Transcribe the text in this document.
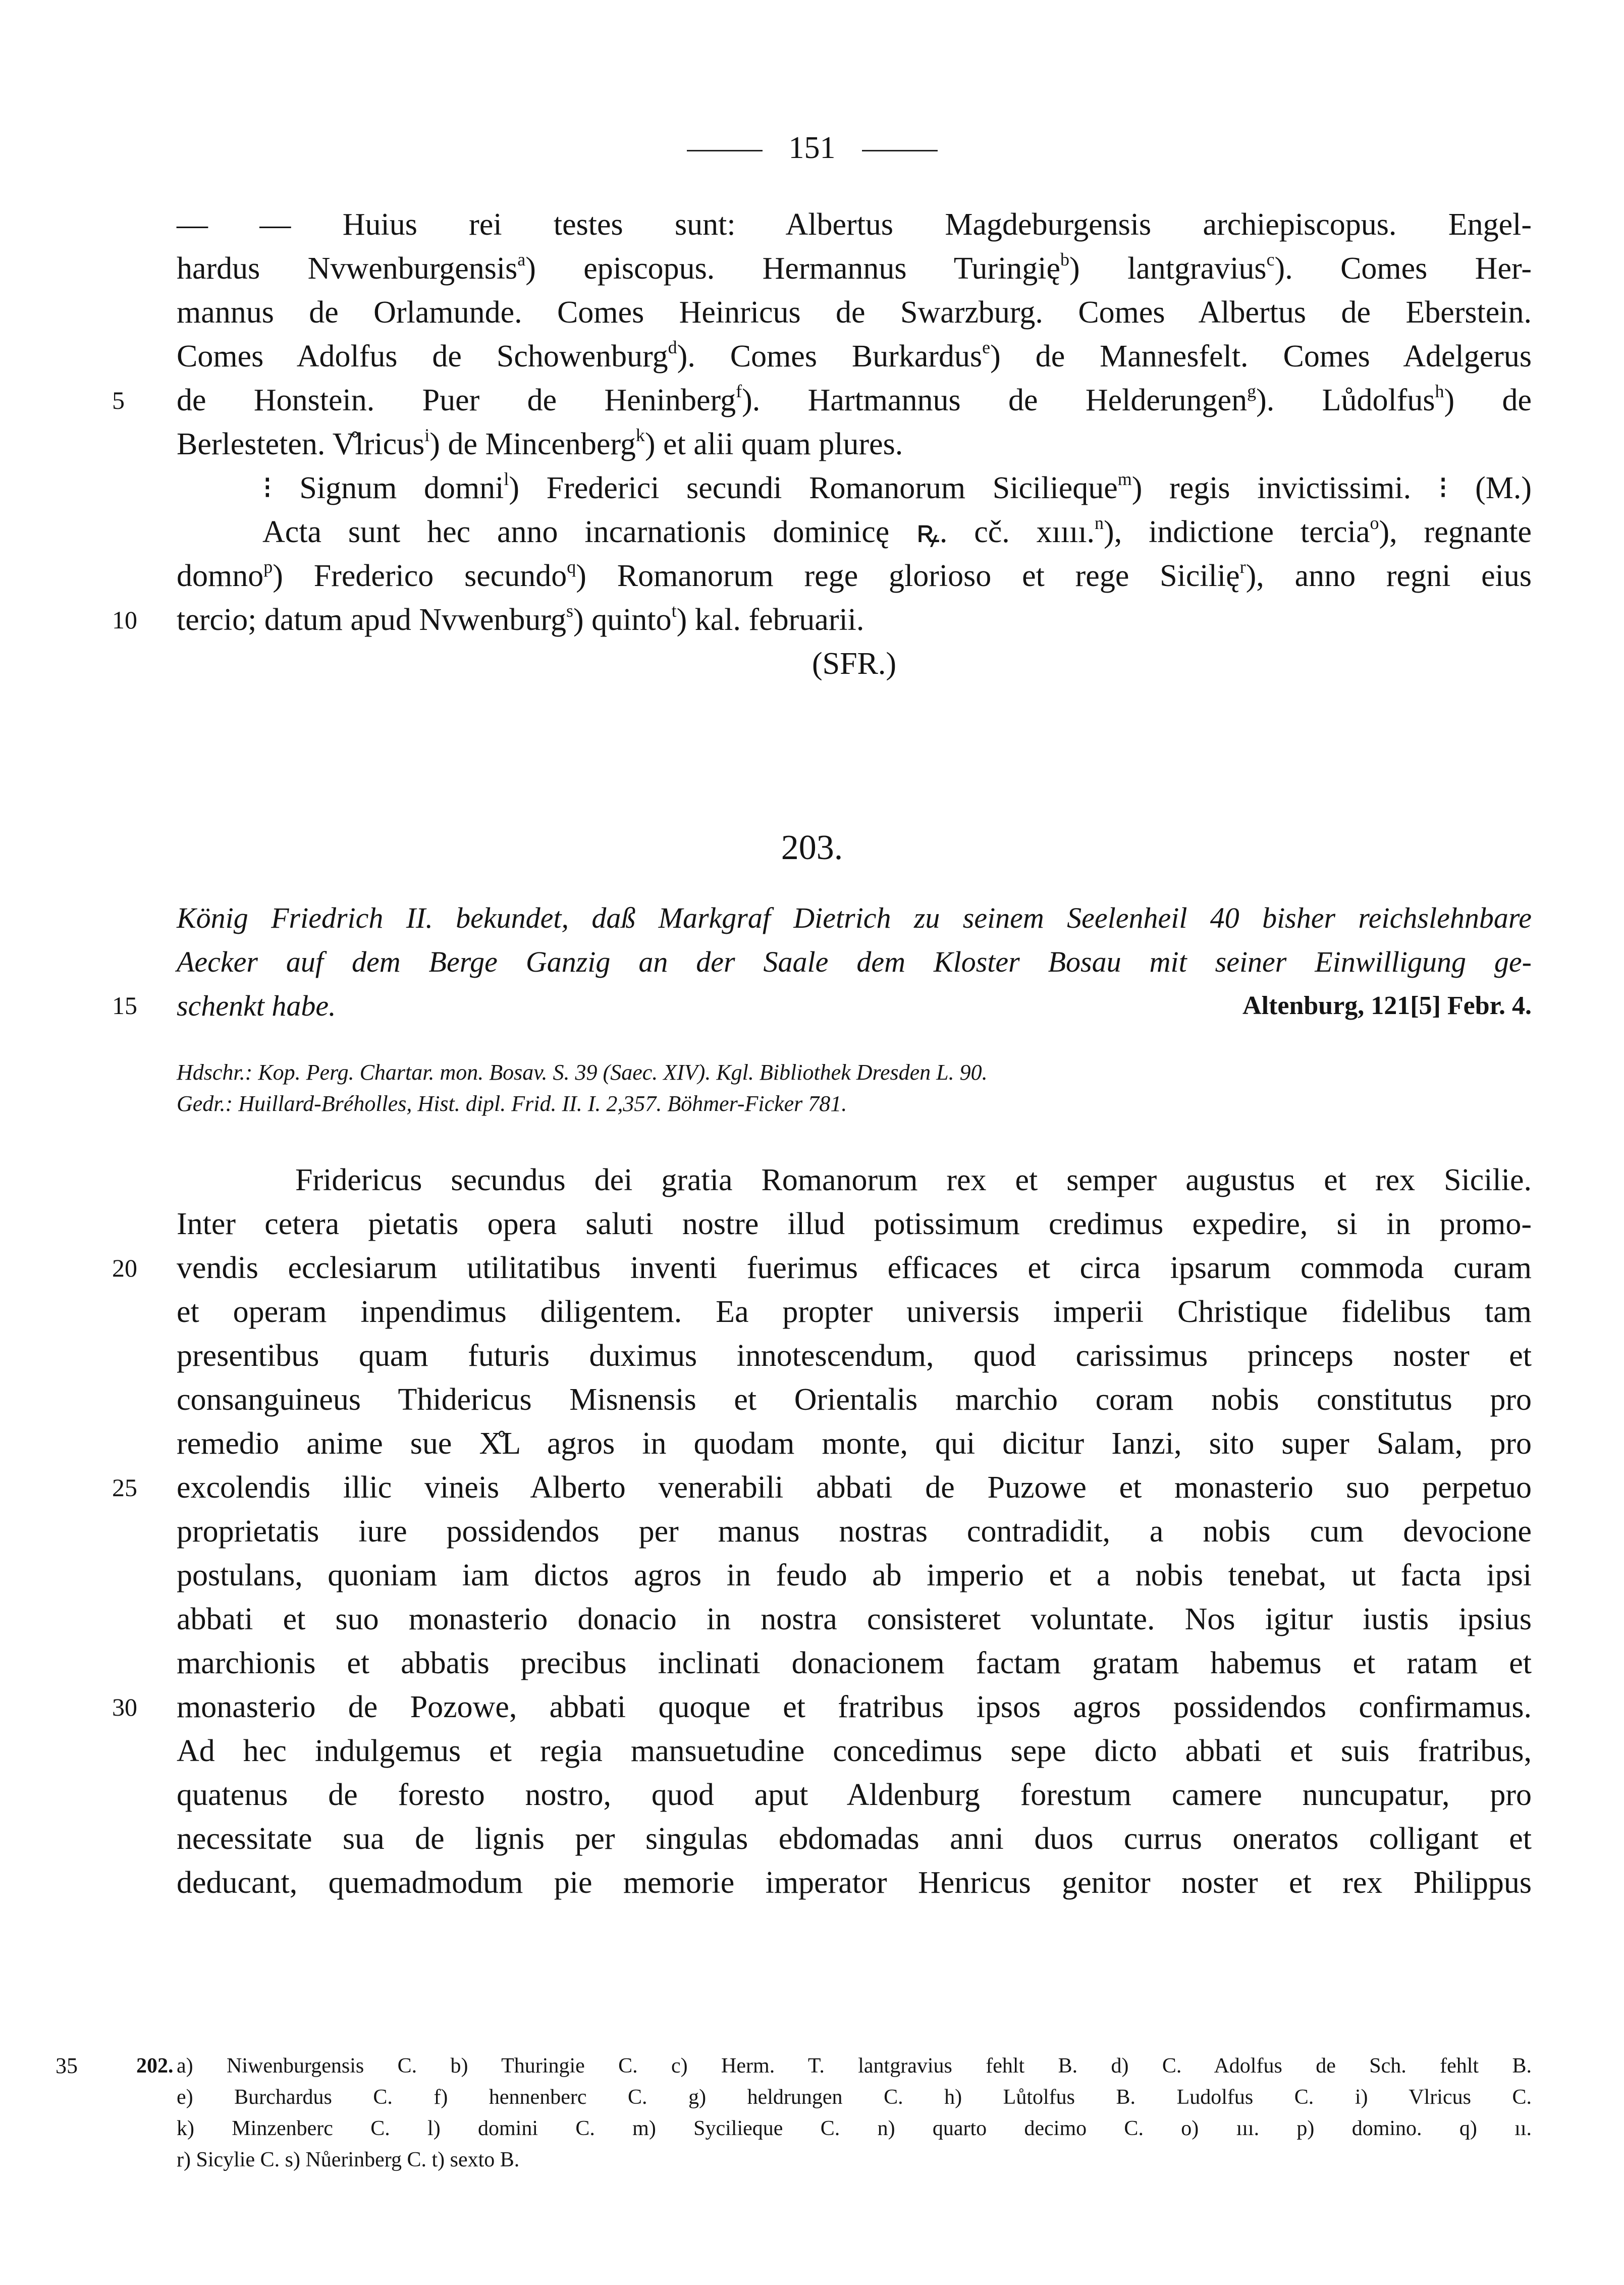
151
— — Huius rei testes sunt: Albertus Magdeburgensis archiepiscopus. Engel-
hardus Nvwenburgensis$^a$) episcopus. Hermannus Turingię$^b$) lantgravius$^c$). Comes Her-
mannus de Orlamunde. Comes Heinricus de Swarzburg. Comes Albertus de Eberstein.
Comes Adolfus de Schowenburg$^d$). Comes Burkardus$^e$) de Mannesfelt. Comes Adelgerus
5 de Honstein. Puer de Heninberg$^f$). Hartmannus de Helderungen$^g$). Lůdolfus$^h$) de
Berlesteten. V̊lricus$^i$) de Mincenberg$^k$) et alii quam plures.
⁝ Signum domni$^l$) Frederici secundi Romanorum Sicilieque$^m$) regis invictissimi. ⁝ (M.)
Acta sunt hec anno incarnationis dominicę ꝶ. cč. xıııı.$^n$), indictione tercia$^o$), regnante
domno$^p$) Frederico secundo$^q$) Romanorum rege glorioso et rege Sicilię$^r$), anno regni eius
10 tercio; datum apud Nvwenburg$^s$) quinto$^t$) kal. februarii.
(SFR.)
203.
König Friedrich II. bekundet, daß Markgraf Dietrich zu seinem Seelenheil 40 bisher reichslehnbare
Aecker auf dem Berge Ganzig an der Saale dem Kloster Bosau mit seiner Einwilligung ge-
15 schenkt habe.	Altenburg, 121[5] Febr. 4.
Hdschr.: Kop. Perg. Chartar. mon. Bosav. S. 39 (Saec. XIV). Kgl. Bibliothek Dresden L. 90.
Gedr.: Huillard-Bréholles, Hist. dipl. Frid. II. I. 2,357. Böhmer-Ficker 781.
Fridericus secundus dei gratia Romanorum rex et semper augustus et rex Sicilie.
Inter cetera pietatis opera saluti nostre illud potissimum credimus expedire, si in promo-
20 vendis ecclesiarum utilitatibus inventi fuerimus efficaces et circa ipsarum commoda curam
et operam inpendimus diligentem. Ea propter universis imperii Christique fidelibus tam
presentibus quam futuris duximus innotescendum, quod carissimus princeps noster et
consanguineus Thidericus Misnensis et Orientalis marchio coram nobis constitutus pro
remedio anime sue X̊L agros in quodam monte, qui dicitur Ianzi, sito super Salam, pro
25 excolendis illic vineis Alberto venerabili abbati de Puzowe et monasterio suo perpetuo
proprietatis iure possidendos per manus nostras contradidit, a nobis cum devocione
postulans, quoniam iam dictos agros in feudo ab imperio et a nobis tenebat, ut facta ipsi
abbati et suo monasterio donacio in nostra consisteret voluntate. Nos igitur iustis ipsius
marchionis et abbatis precibus inclinati donacionem factam gratam habemus et ratam et
30 monasterio de Pozowe, abbati quoque et fratribus ipsos agros possidendos confirmamus.
Ad hec indulgemus et regia mansuetudine concedimus sepe dicto abbati et suis fratribus,
quatenus de foresto nostro, quod aput Aldenburg forestum camere nuncupatur, pro
necessitate sua de lignis per singulas ebdomadas anni duos currus oneratos colligant et
deducant, quemadmodum pie memorie imperator Henricus genitor noster et rex Philippus
35	202. a) Niwenburgensis C. b) Thuringie C. c) Herm. T. lantgravius fehlt B. d) C. Adolfus de Sch. fehlt B.
e) Burchardus C. f) hennenberc C. g) heldrungen C. h) Lůtolfus B. Ludolfus C. i) Vlricus C.
k) Minzenberc C. l) domini C. m) Sycilieque C. n) quarto decimo C. o) ııı. p) domino. q) ıı.
r) Sicylie C. s) Nůerinberg C. t) sexto B.
